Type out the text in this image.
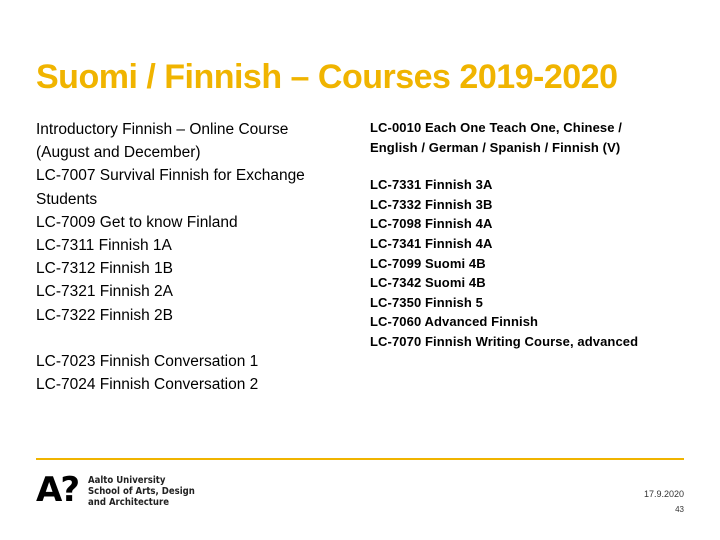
Suomi / Finnish – Courses 2019-2020
Introductory Finnish – Online Course
(August and December)
LC-7007 Survival Finnish for Exchange
Students
LC-7009 Get to know Finland
LC-7311 Finnish 1A
LC-7312 Finnish 1B
LC-7321 Finnish 2A
LC-7322 Finnish 2B
LC-7023 Finnish Conversation 1
LC-7024 Finnish Conversation 2
LC-0010 Each One Teach One, Chinese /
English / German / Spanish / Finnish (V)
LC-7331 Finnish 3A
LC-7332 Finnish 3B
LC-7098 Finnish 4A
LC-7341 Finnish 4A
LC-7099 Suomi 4B
LC-7342 Suomi 4B
LC-7350 Finnish 5
LC-7060 Advanced Finnish
LC-7070 Finnish Writing Course, advanced
A? Aalto University
School of Arts, Design
and Architecture
17.9.2020
43
